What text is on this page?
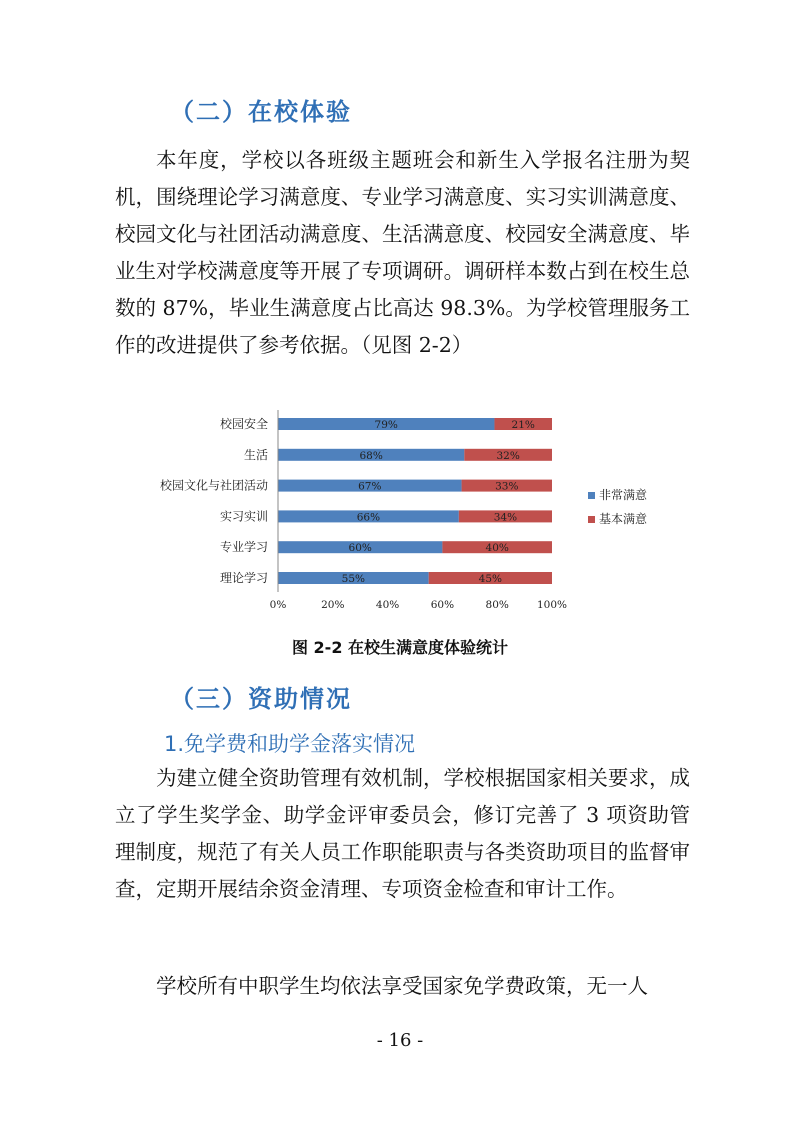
（二）在校体验
本年度，学校以各班级主题班会和新生入学报名注册为契机，围绕理论学习满意度、专业学习满意度、实习实训满意度、校园文化与社团活动满意度、生活满意度、校园安全满意度、毕业生对学校满意度等开展了专项调研。调研样本数占到在校生总数的 87%，毕业生满意度占比高达 98.3%。为学校管理服务工作的改进提供了参考依据。（见图 2-2）
校园安全
生活
校园文化与社团活动
实习实训
专业学习
理论学习
79%	21%
68%	32%
67%	33%
66%	34%
60%	40%
55%	45%
0%	20%	40%	60%	80%	100%
非常满意
基本满意
图 2-2 在校生满意度体验统计
（三）资助情况
1.免学费和助学金落实情况
为建立健全资助管理有效机制，学校根据国家相关要求，成立了学生奖学金、助学金评审委员会，修订完善了 3 项资助管理制度，规范了有关人员工作职能职责与各类资助项目的监督审查，定期开展结余资金清理、专项资金检查和审计工作。
学校所有中职学生均依法享受国家免学费政策，无一人
- 16 -
